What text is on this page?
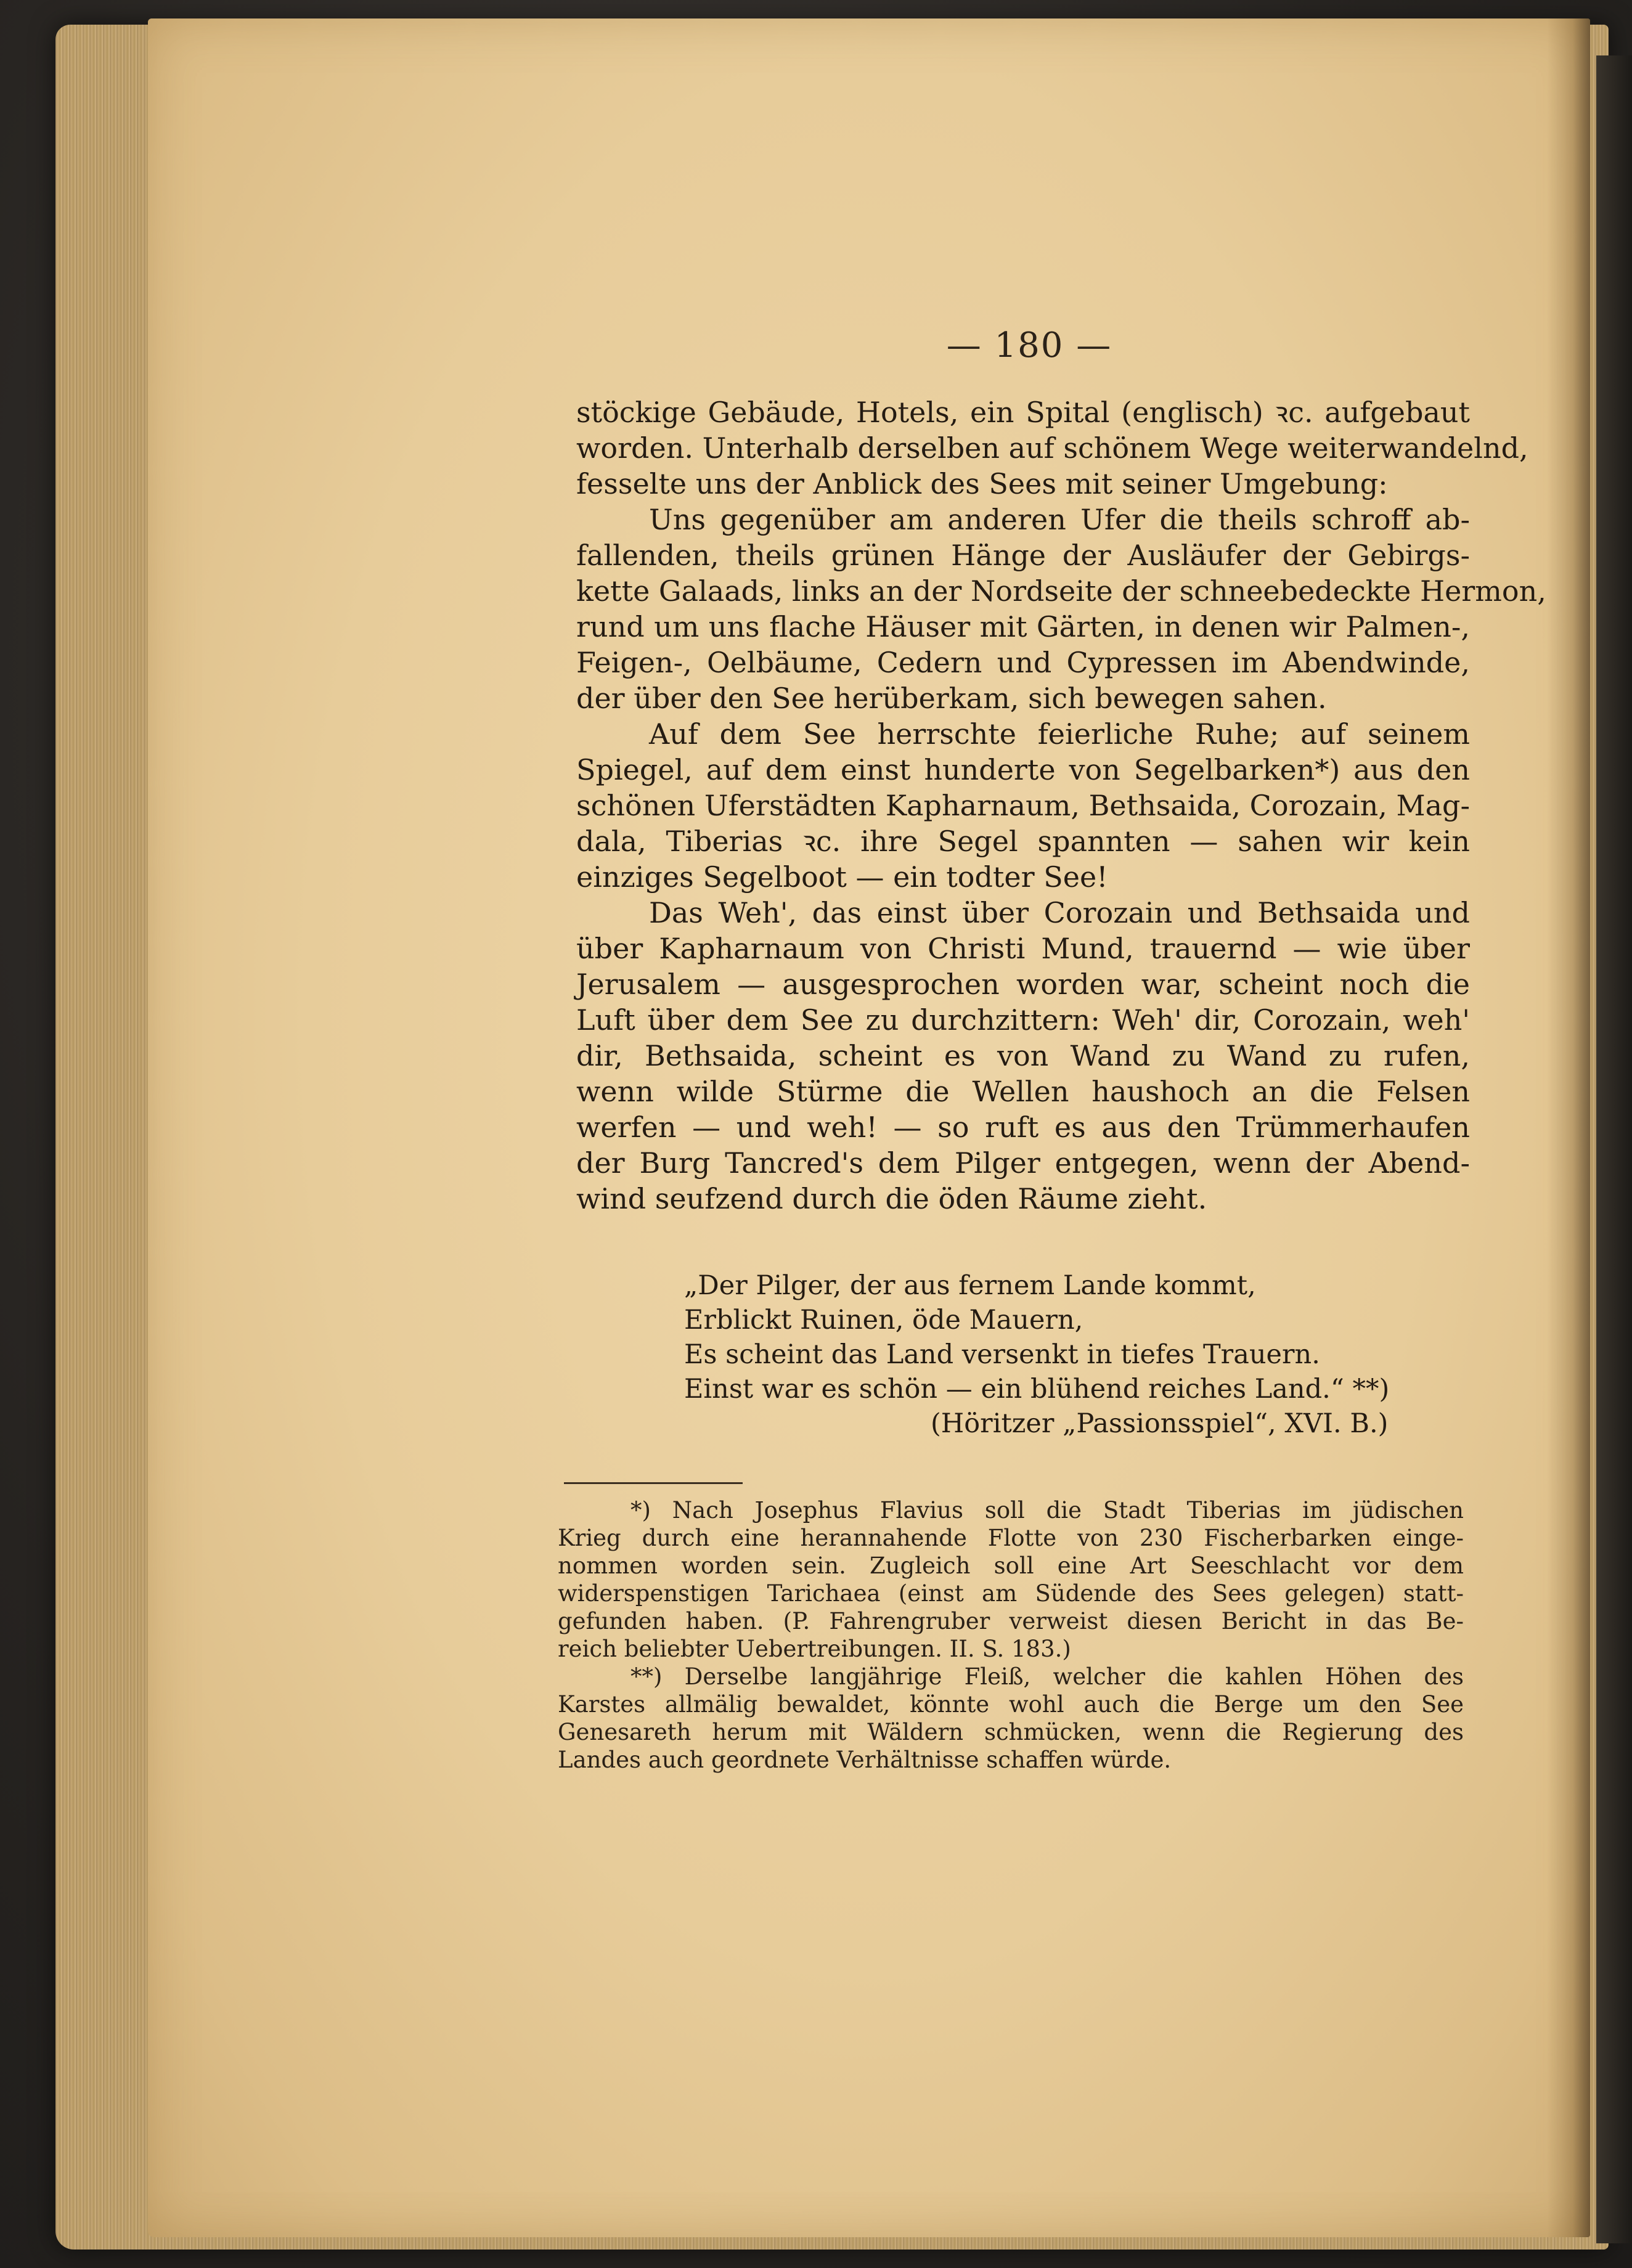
— 180 —
stöckige Gebäude, Hotels, ein Spital (englisch) ꝛc. aufgebaut
worden. Unterhalb derselben auf schönem Wege weiterwandelnd,
fesselte uns der Anblick des Sees mit seiner Umgebung:
Uns gegenüber am anderen Ufer die theils schroff ab-
fallenden, theils grünen Hänge der Ausläufer der Gebirgs-
kette Galaads, links an der Nordseite der schneebedeckte Hermon,
rund um uns flache Häuser mit Gärten, in denen wir Palmen-,
Feigen-, Oelbäume, Cedern und Cypressen im Abendwinde,
der über den See herüberkam, sich bewegen sahen.
Auf dem See herrschte feierliche Ruhe; auf seinem
Spiegel, auf dem einst hunderte von Segelbarken*) aus den
schönen Uferstädten Kapharnaum, Bethsaida, Corozain, Mag-
dala, Tiberias ꝛc. ihre Segel spannten — sahen wir kein
einziges Segelboot — ein todter See!
Das Weh', das einst über Corozain und Bethsaida und
über Kapharnaum von Christi Mund, trauernd — wie über
Jerusalem — ausgesprochen worden war, scheint noch die
Luft über dem See zu durchzittern: Weh' dir, Corozain, weh'
dir, Bethsaida, scheint es von Wand zu Wand zu rufen,
wenn wilde Stürme die Wellen haushoch an die Felsen
werfen — und weh! — so ruft es aus den Trümmerhaufen
der Burg Tancred's dem Pilger entgegen, wenn der Abend-
wind seufzend durch die öden Räume zieht.
„Der Pilger, der aus fernem Lande kommt,
Erblickt Ruinen, öde Mauern,
Es scheint das Land versenkt in tiefes Trauern.
Einst war es schön — ein blühend reiches Land.“ **)
(Höritzer „Passionsspiel“, XVI. B.)
*) Nach Josephus Flavius soll die Stadt Tiberias im jüdischen
Krieg durch eine herannahende Flotte von 230 Fischerbarken einge-
nommen worden sein. Zugleich soll eine Art Seeschlacht vor dem
widerspenstigen Tarichaea (einst am Südende des Sees gelegen) statt-
gefunden haben. (P. Fahrengruber verweist diesen Bericht in das Be-
reich beliebter Uebertreibungen. II. S. 183.)
**) Derselbe langjährige Fleiß, welcher die kahlen Höhen des
Karstes allmälig bewaldet, könnte wohl auch die Berge um den See
Genesareth herum mit Wäldern schmücken, wenn die Regierung des
Landes auch geordnete Verhältnisse schaffen würde.
